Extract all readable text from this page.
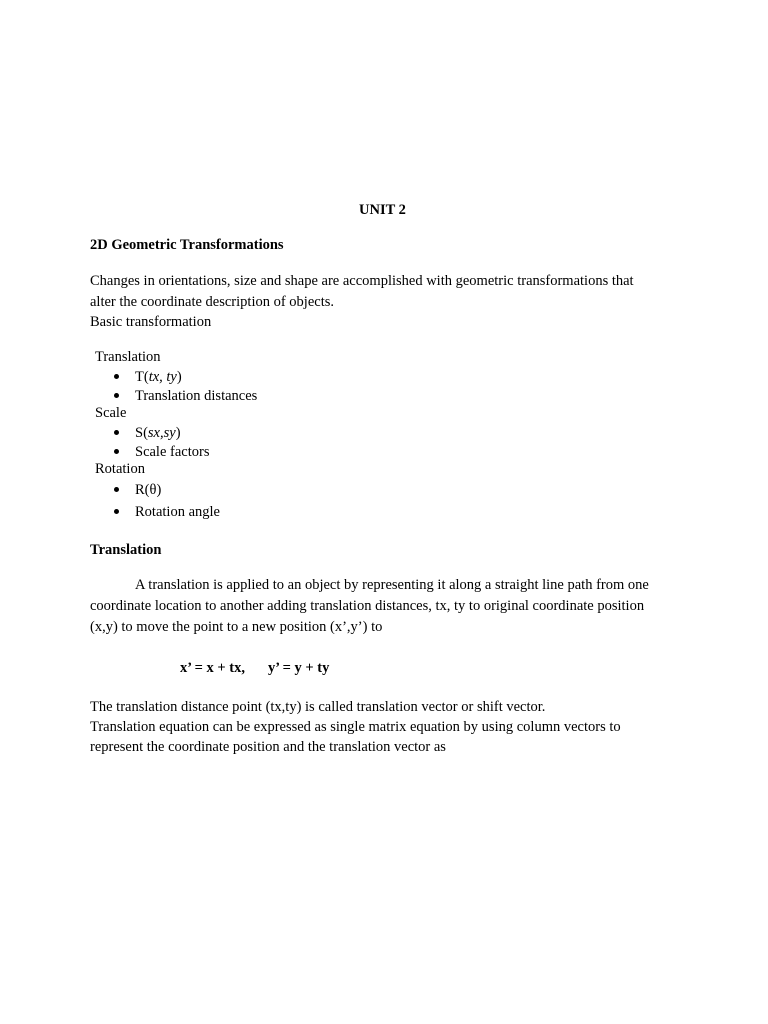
UNIT 2
2D Geometric Transformations
Changes in orientations, size and shape are accomplished with geometric transformations that
alter the coordinate description of objects.
Basic transformation
Translation
T(tx, ty)
Translation distances
Scale
S(sx,sy)
Scale factors
Rotation
R(θ)
Rotation angle
Translation
A translation is applied to an object by representing it along a straight line path from one
coordinate location to another adding translation distances, tx, ty to original coordinate position
(x,y) to move the point to a new position (x’,y’) to
x’ = x + tx, y’ = y + ty
The translation distance point (tx,ty) is called translation vector or shift vector.
Translation equation can be expressed as single matrix equation by using column vectors to
represent the coordinate position and the translation vector as
